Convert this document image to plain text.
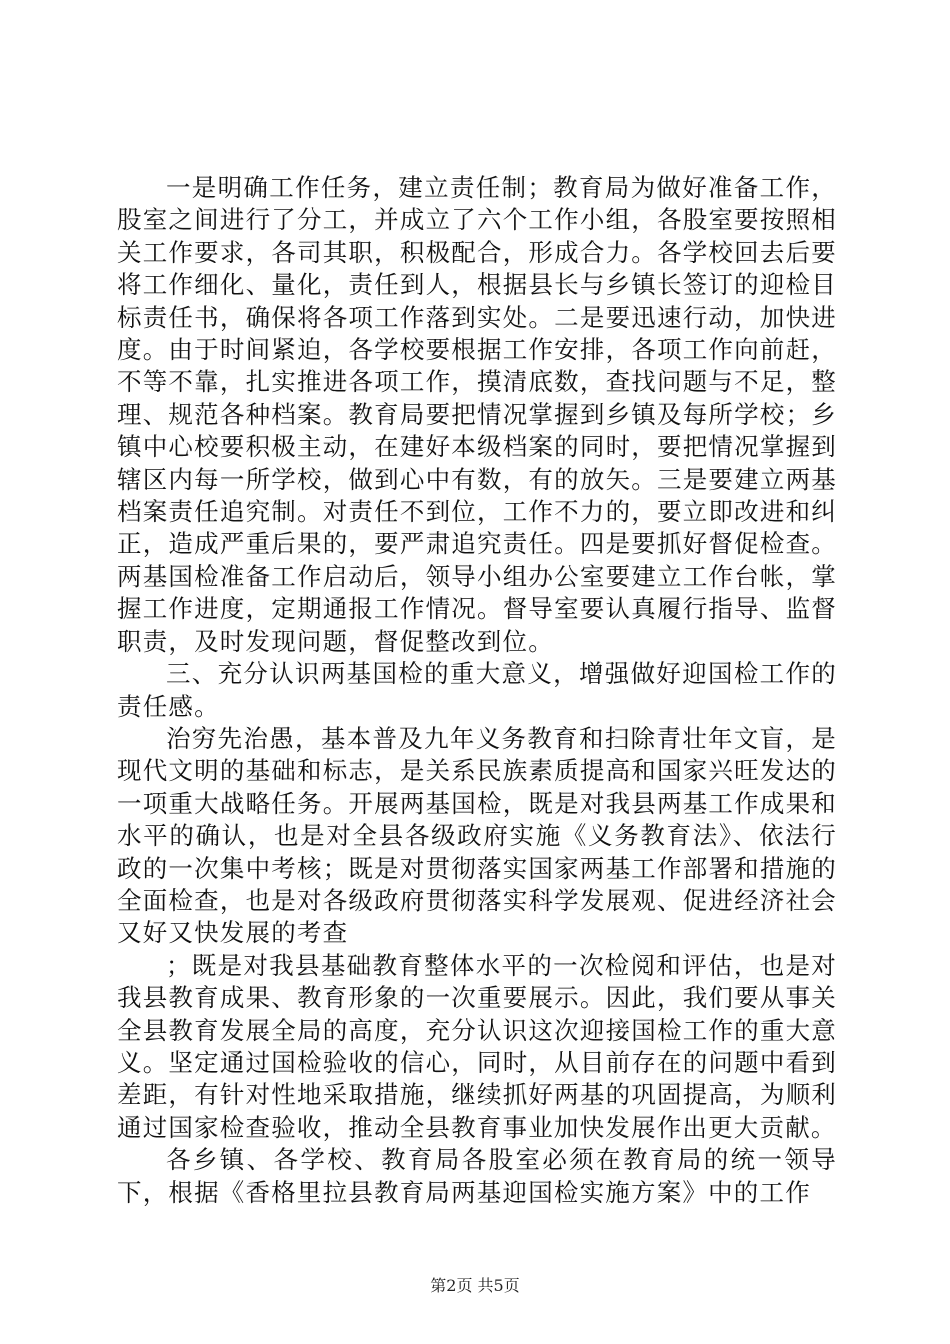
一是明确工作任务，建立责任制；教育局为做好准备工作，股室之间进行了分工，并成立了六个工作小组，各股室要按照相关工作要求，各司其职，积极配合，形成合力。各学校回去后要将工作细化、量化，责任到人，根据县长与乡镇长签订的迎检目标责任书，确保将各项工作落到实处。二是要迅速行动，加快进度。由于时间紧迫，各学校要根据工作安排，各项工作向前赶，不等不靠，扎实推进各项工作，摸清底数，查找问题与不足，整理、规范各种档案。教育局要把情况掌握到乡镇及每所学校；乡镇中心校要积极主动，在建好本级档案的同时，要把情况掌握到辖区内每一所学校，做到心中有数，有的放矢。三是要建立两基档案责任追究制。对责任不到位，工作不力的，要立即改进和纠正，造成严重后果的，要严肃追究责任。四是要抓好督促检查。两基国检准备工作启动后，领导小组办公室要建立工作台帐，掌握工作进度，定期通报工作情况。督导室要认真履行指导、监督职责，及时发现问题，督促整改到位。

三、充分认识两基国检的重大意义，增强做好迎国检工作的责任感。

治穷先治愚，基本普及九年义务教育和扫除青壮年文盲，是现代文明的基础和标志，是关系民族素质提高和国家兴旺发达的一项重大战略任务。开展两基国检，既是对我县两基工作成果和水平的确认，也是对全县各级政府实施《义务教育法》、依法行政的一次集中考核；既是对贯彻落实国家两基工作部署和措施的全面检查，也是对各级政府贯彻落实科学发展观、促进经济社会又好又快发展的考查

；既是对我县基础教育整体水平的一次检阅和评估，也是对我县教育成果、教育形象的一次重要展示。因此，我们要从事关全县教育发展全局的高度，充分认识这次迎接国检工作的重大意义。坚定通过国检验收的信心，同时，从目前存在的问题中看到差距，有针对性地采取措施，继续抓好两基的巩固提高，为顺利通过国家检查验收，推动全县教育事业加快发展作出更大贡献。

各乡镇、各学校、教育局各股室必须在教育局的统一领导下，根据《香格里拉县教育局两基迎国检实施方案》中的工作

第2页 共5页
